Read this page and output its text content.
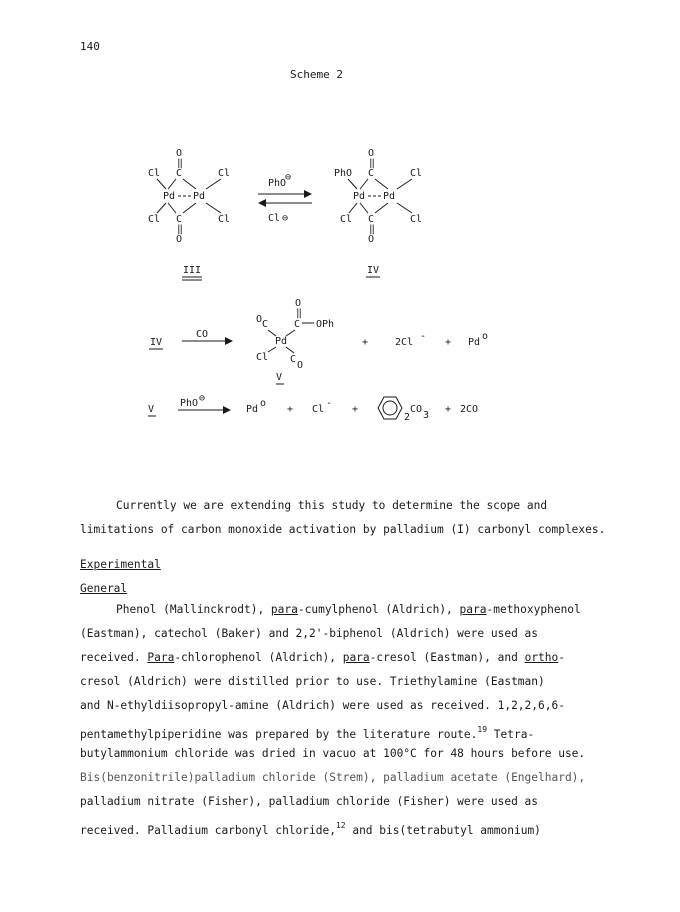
140
Scheme 2
O
‖
C
Cl	Cl
Pd Pd
Cl	Cl
C
‖
O
III
PhO
⊖
Cl ⊖
O
‖
C
PhO	Cl
Pd Pd
Cl	Cl
C
‖
O
IV
IV
CO
O
‖
C OPh
O C
Pd
Cl C
O
V
+	2Cl
-
+ Pd
o
V
PhO ⊖
Pd
o
+ Cl
-
+
2
CO
3
+ 2CO
Currently we are extending this study to determine the scope and
limitations of carbon monoxide activation by palladium (I) carbonyl complexes.
Experimental
General
Phenol (Mallinckrodt), para-cumylphenol (Aldrich), para-methoxyphenol
(Eastman), catechol (Baker) and 2,2'-biphenol (Aldrich) were used as
received. Para-chlorophenol (Aldrich), para-cresol (Eastman), and ortho-
cresol (Aldrich) were distilled prior to use. Triethylamine (Eastman)
and N-ethyldiisopropyl-amine (Aldrich) were used as received. 1,2,2,6,6-
pentamethylpiperidine was prepared by the literature route.$^{19}$ Tetra-
butylammonium chloride was dried in vacuo at 100°C for 48 hours before use.
Bis(benzonitrile)palladium chloride (Strem), palladium acetate (Engelhard),
palladium nitrate (Fisher), palladium chloride (Fisher) were used as
received. Palladium carbonyl chloride,$^{12}$ and bis(tetrabutyl ammonium)
